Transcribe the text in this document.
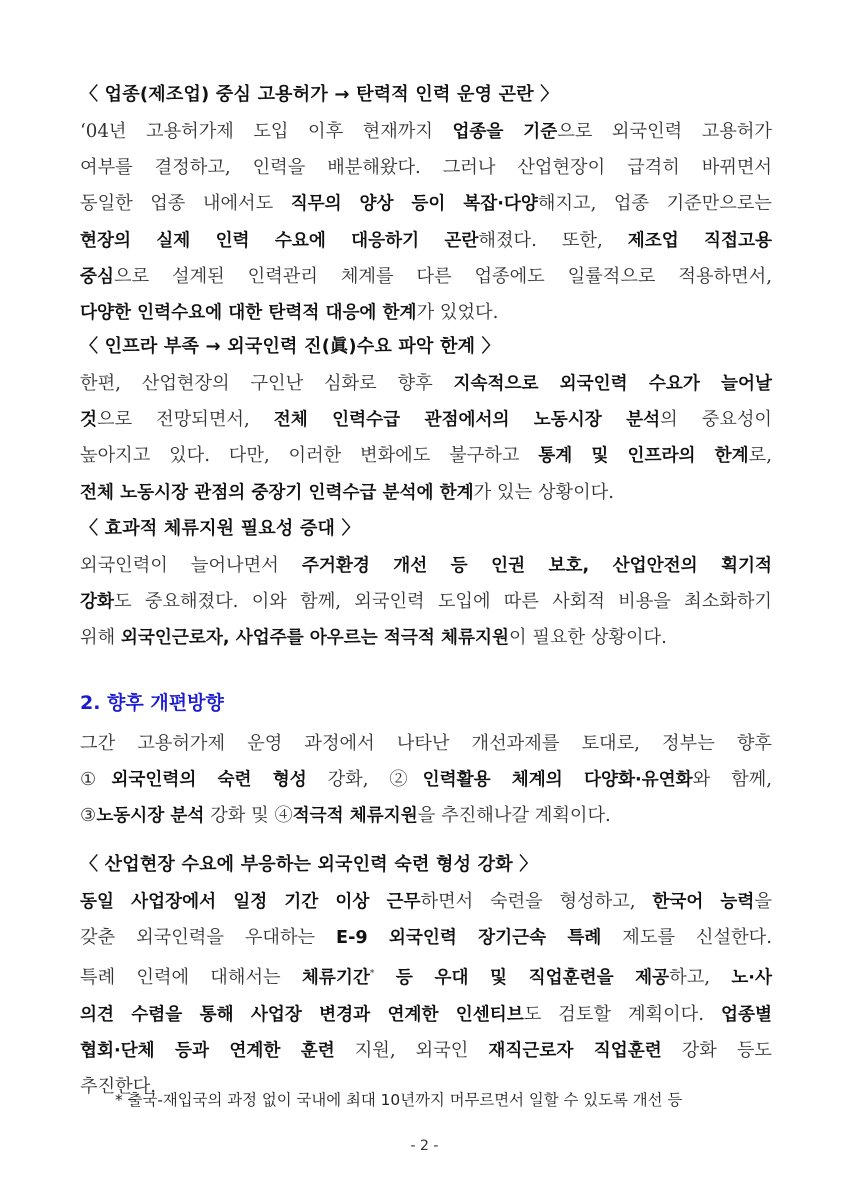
〈 업종(제조업) 중심 고용허가 → 탄력적 인력 운영 곤란 〉
‘04년 고용허가제 도입 이후 현재까지 업종을 기준으로 외국인력 고용허가
여부를 결정하고, 인력을 배분해왔다. 그러나 산업현장이 급격히 바뀌면서
동일한 업종 내에서도 직무의 양상 등이 복잡·다양해지고, 업종 기준만으로는
현장의 실제 인력 수요에 대응하기 곤란해졌다. 또한, 제조업 직접고용
중심으로 설계된 인력관리 체계를 다른 업종에도 일률적으로 적용하면서,
다양한 인력수요에 대한 탄력적 대응에 한계가 있었다.
〈 인프라 부족 → 외국인력 진(眞)수요 파악 한계 〉
한편, 산업현장의 구인난 심화로 향후 지속적으로 외국인력 수요가 늘어날
것으로 전망되면서, 전체 인력수급 관점에서의 노동시장 분석의 중요성이
높아지고 있다. 다만, 이러한 변화에도 불구하고 통계 및 인프라의 한계로,
전체 노동시장 관점의 중장기 인력수급 분석에 한계가 있는 상황이다.
〈 효과적 체류지원 필요성 증대 〉
외국인력이 늘어나면서 주거환경 개선 등 인권 보호, 산업안전의 획기적
강화도 중요해졌다. 이와 함께, 외국인력 도입에 따른 사회적 비용을 최소화하기
위해 외국인근로자, 사업주를 아우르는 적극적 체류지원이 필요한 상황이다.
2. 향후 개편방향
그간 고용허가제 운영 과정에서 나타난 개선과제를 토대로, 정부는 향후
①외국인력의 숙련 형성 강화, ②인력활용 체계의 다양화·유연화와 함께,
③노동시장 분석 강화 및 ④적극적 체류지원을 추진해나갈 계획이다.
〈 산업현장 수요에 부응하는 외국인력 숙련 형성 강화 〉
동일 사업장에서 일정 기간 이상 근무하면서 숙련을 형성하고, 한국어 능력을
갖춘 외국인력을 우대하는 E-9 외국인력 장기근속 특례 제도를 신설한다.
특례 인력에 대해서는 체류기간* 등 우대 및 직업훈련을 제공하고, 노·사
의견 수렴을 통해 사업장 변경과 연계한 인센티브도 검토할 계획이다. 업종별
협회·단체 등과 연계한 훈련 지원, 외국인 재직근로자 직업훈련 강화 등도
추진한다.
* 출국-재입국의 과정 없이 국내에 최대 10년까지 머무르면서 일할 수 있도록 개선 등
- 2 -
